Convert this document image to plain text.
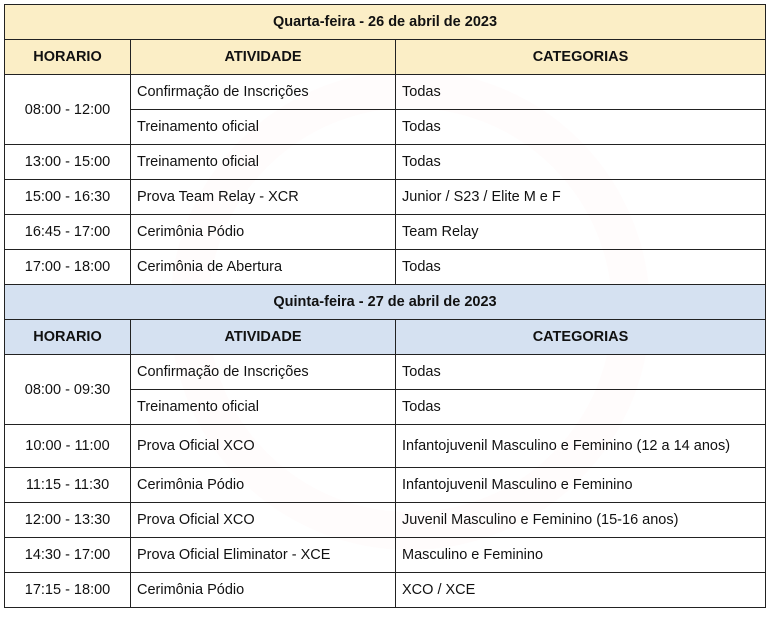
Quarta-feira - 26 de abril de 2023		
HORARIO	ATIVIDADE	CATEGORIAS
08:00 - 12:00	Confirmação de Inscrições	Todas
	Treinamento oficial	Todas
13:00 - 15:00	Treinamento oficial	Todas
15:00 - 16:30	Prova Team Relay - XCR	Junior / S23 / Elite M e F
16:45 - 17:00	Cerimônia Pódio	Team Relay
17:00 - 18:00	Cerimônia de Abertura	Todas
Quinta-feira - 27 de abril de 2023		
HORARIO	ATIVIDADE	CATEGORIAS
08:00 - 09:30	Confirmação de Inscrições	Todas
	Treinamento oficial	Todas
10:00 - 11:00	Prova Oficial XCO	Infantojuvenil Masculino e Feminino (12 a 14 anos)
11:15 - 11:30	Cerimônia Pódio	Infantojuvenil Masculino e Feminino
12:00 - 13:30	Prova Oficial XCO	Juvenil Masculino e Feminino (15-16 anos)
14:30 - 17:00	Prova Oficial Eliminator - XCE	Masculino e Feminino
17:15 - 18:00	Cerimônia Pódio	XCO / XCE
